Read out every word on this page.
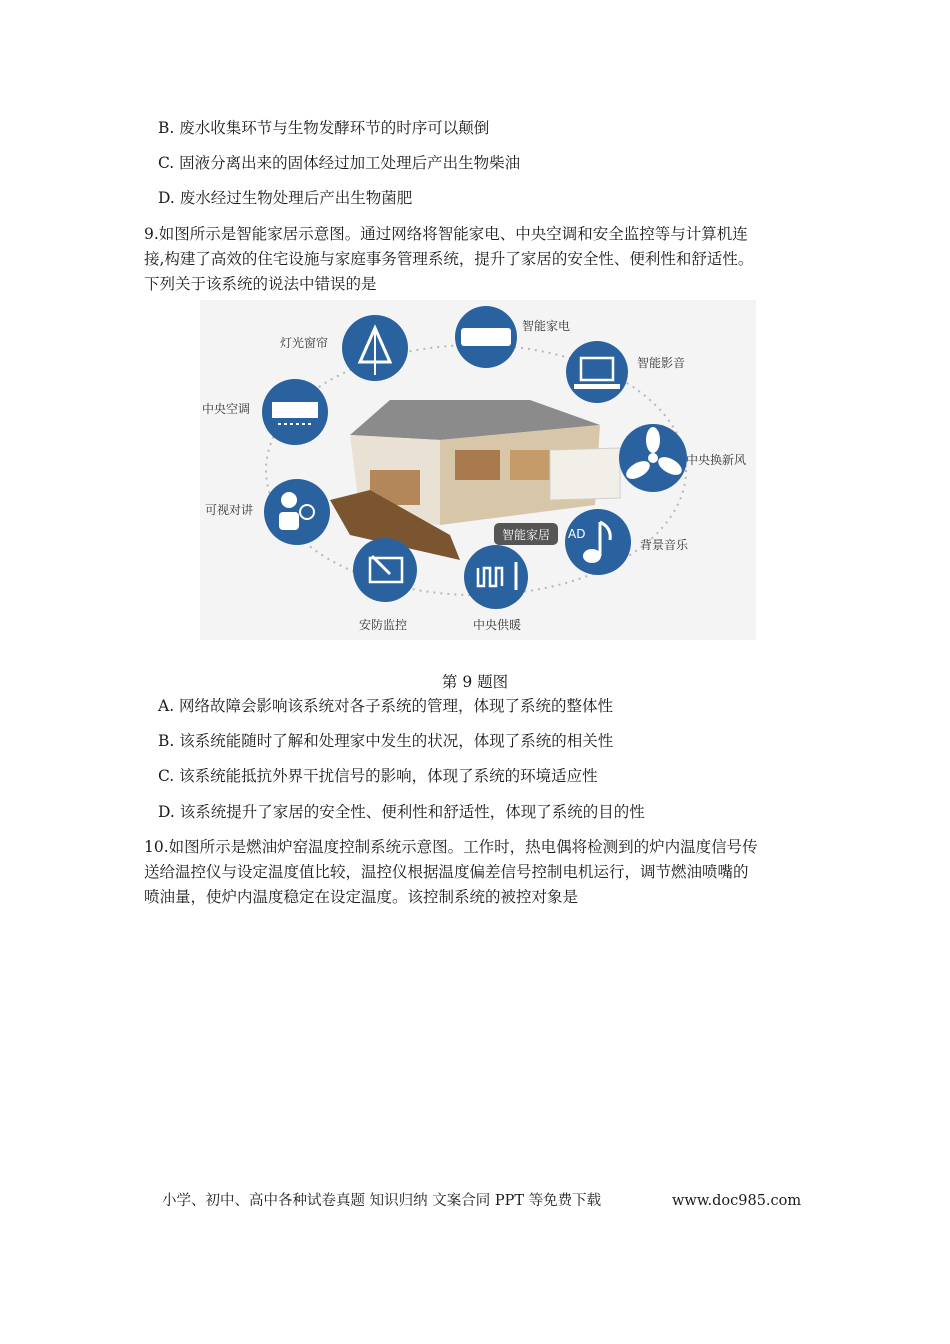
B. 废水收集环节与生物发酵环节的时序可以颠倒
C. 固液分离出来的固体经过加工处理后产出生物柴油
D. 废水经过生物处理后产出生物菌肥
9.如图所示是智能家居示意图。通过网络将智能家电、中央空调和安全监控等与计算机连
接,构建了高效的住宅设施与家庭事务管理系统，提升了家居的安全性、便利性和舒适性。
下列关于该系统的说法中错误的是
智能家居
灯光窗帘
智能家电
智能影音
中央空调
中央换新风
可视对讲
AD
背景音乐
安防监控	中央供暖
第 9 题图
A. 网络故障会影响该系统对各子系统的管理，体现了系统的整体性
B. 该系统能随时了解和处理家中发生的状况，体现了系统的相关性
C. 该系统能抵抗外界干扰信号的影响，体现了系统的环境适应性
D. 该系统提升了家居的安全性、便利性和舒适性，体现了系统的目的性
10.如图所示是燃油炉窑温度控制系统示意图。工作时，热电偶将检测到的炉内温度信号传
送给温控仪与设定温度值比较，温控仪根据温度偏差信号控制电机运行，调节燃油喷嘴的
喷油量，使炉内温度稳定在设定温度。该控制系统的被控对象是
小学、初中、高中各种试卷真题 知识归纳 文案合同 PPT 等免费下载	www.doc985.com
